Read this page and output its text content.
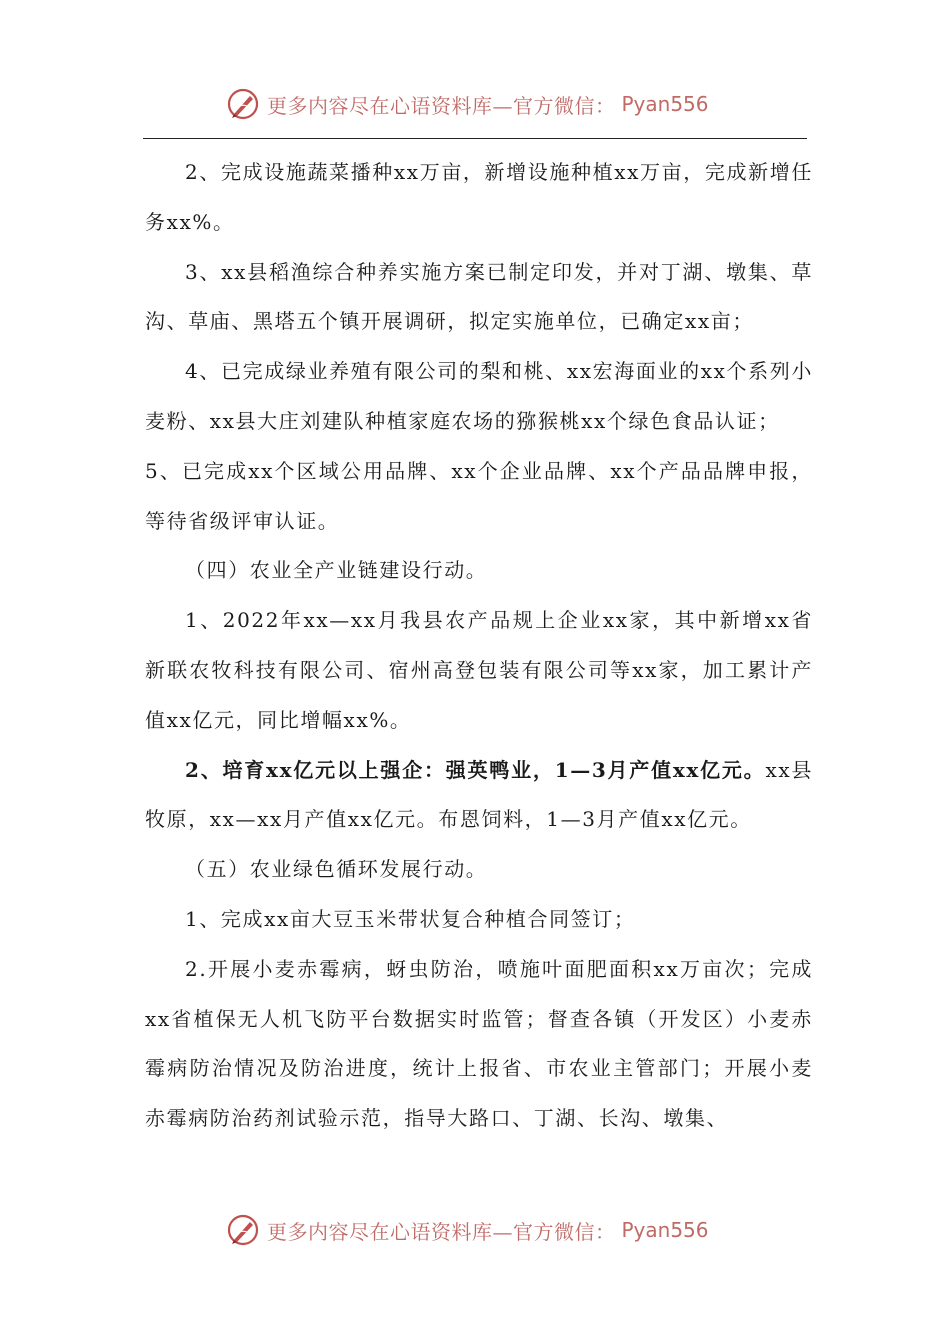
更多内容尽在心语资料库—官方微信： Pyan556

2、完成设施蔬菜播种xx万亩，新增设施种植xx万亩，完成新增任务xx%。

3、xx县稻渔综合种养实施方案已制定印发，并对丁湖、墩集、草沟、草庙、黑塔五个镇开展调研，拟定实施单位，已确定xx亩；

4、已完成绿业养殖有限公司的梨和桃、xx宏海面业的xx个系列小麦粉、xx县大庄刘建队种植家庭农场的猕猴桃xx个绿色食品认证；

5、已完成xx个区域公用品牌、xx个企业品牌、xx个产品品牌申报，等待省级评审认证。

（四）农业全产业链建设行动。

1、2022年xx—xx月我县农产品规上企业xx家，其中新增xx省新联农牧科技有限公司、宿州高登包装有限公司等xx家，加工累计产值xx亿元，同比增幅xx%。

2、培育xx亿元以上强企：强英鸭业，1—3月产值xx亿元。xx县牧原，xx—xx月产值xx亿元。布恩饲料，1—3月产值xx亿元。

（五）农业绿色循环发展行动。

1、完成xx亩大豆玉米带状复合种植合同签订；

2.开展小麦赤霉病，蚜虫防治，喷施叶面肥面积xx万亩次；完成xx省植保无人机飞防平台数据实时监管；督查各镇（开发区）小麦赤霉病防治情况及防治进度，统计上报省、市农业主管部门；开展小麦赤霉病防治药剂试验示范，指导大路口、丁湖、长沟、墩集、

更多内容尽在心语资料库—官方微信： Pyan556
